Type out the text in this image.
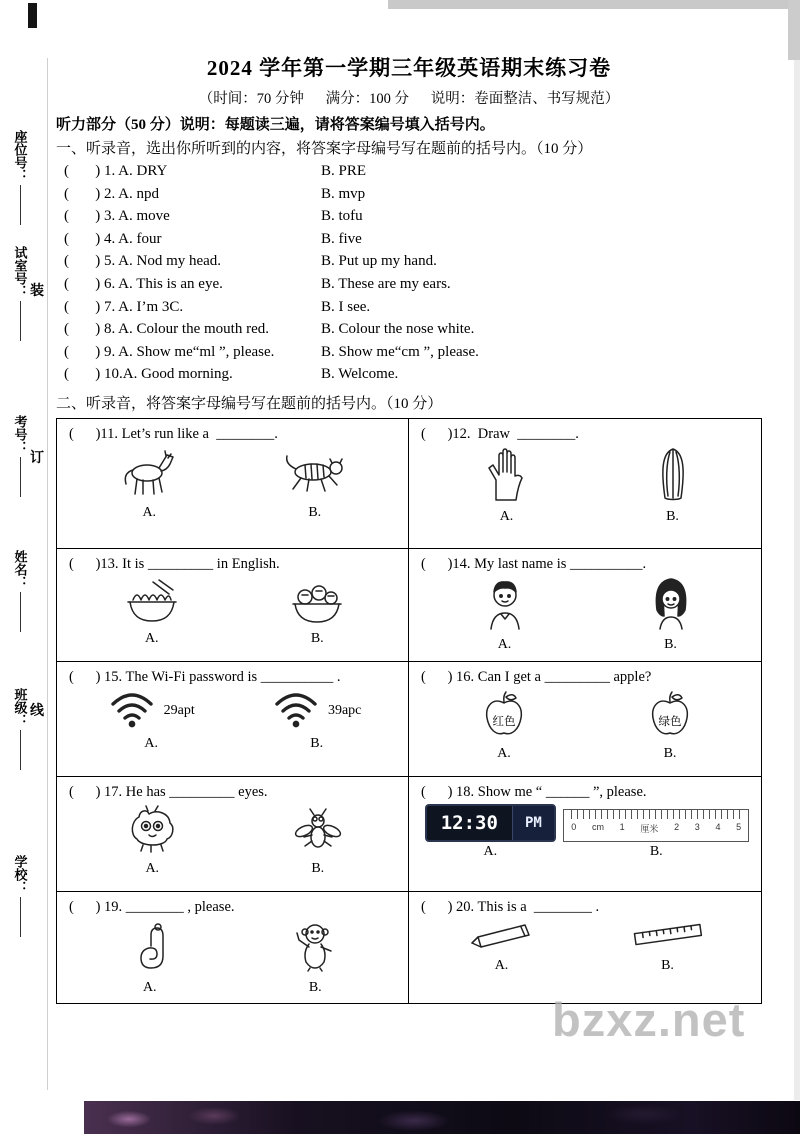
座位号：
试室号：
考号：
姓名：
班级：
学校：
装
订
线
2024 学年第一学期三年级英语期末练习卷
（时间：70 分钟      满分：100 分      说明：卷面整洁、书写规范）
听力部分（50 分）说明：每题读三遍，请将答案编号填入括号内。
一、听录音，选出你所听到的内容，将答案字母编号写在题前的括号内。（10 分）
(       ) 1. A. DRY	B. PRE
(       ) 2. A. npd	B. mvp
(       ) 3. A. move	B. tofu
(       ) 4. A. four	B. five
(       ) 5. A. Nod my head.	B. Put up my hand.
(       ) 6. A. This is an eye.	B. These are my ears.
(       ) 7. A. I’m 3C.	B. I see.
(       ) 8. A. Colour the mouth red.	B. Colour the nose white.
(       ) 9. A. Show me“ml ”, please.	B. Show me“cm ”, please.
(       ) 10.A. Good morning.	B. Welcome.
二、听录音，将答案字母编号写在题前的括号内。（10 分）
(      )11. Let’s run like a  ________.
A.	B.
(      )12.  Draw  ________.
A.	B.
(      )13. It is _________ in English.
A.	B.
(      )14. My last name is __________.
A.	B.
(      ) 15. The Wi-Fi password is __________ .
29apt
A.
39apc
B.
(      ) 16. Can I get a _________ apple?
红色
A.
绿色
B.
(      ) 17. He has _________ eyes.
A.	B.
(      ) 18. Show me “ ______ ”, please.
12:30	PM
A.
0 cm 1 厘米 2 3 4 5
B.
(      ) 19. ________ , please.
A.	B.
(      ) 20. This is a  ________ .
A.	B.
bzxz.net
